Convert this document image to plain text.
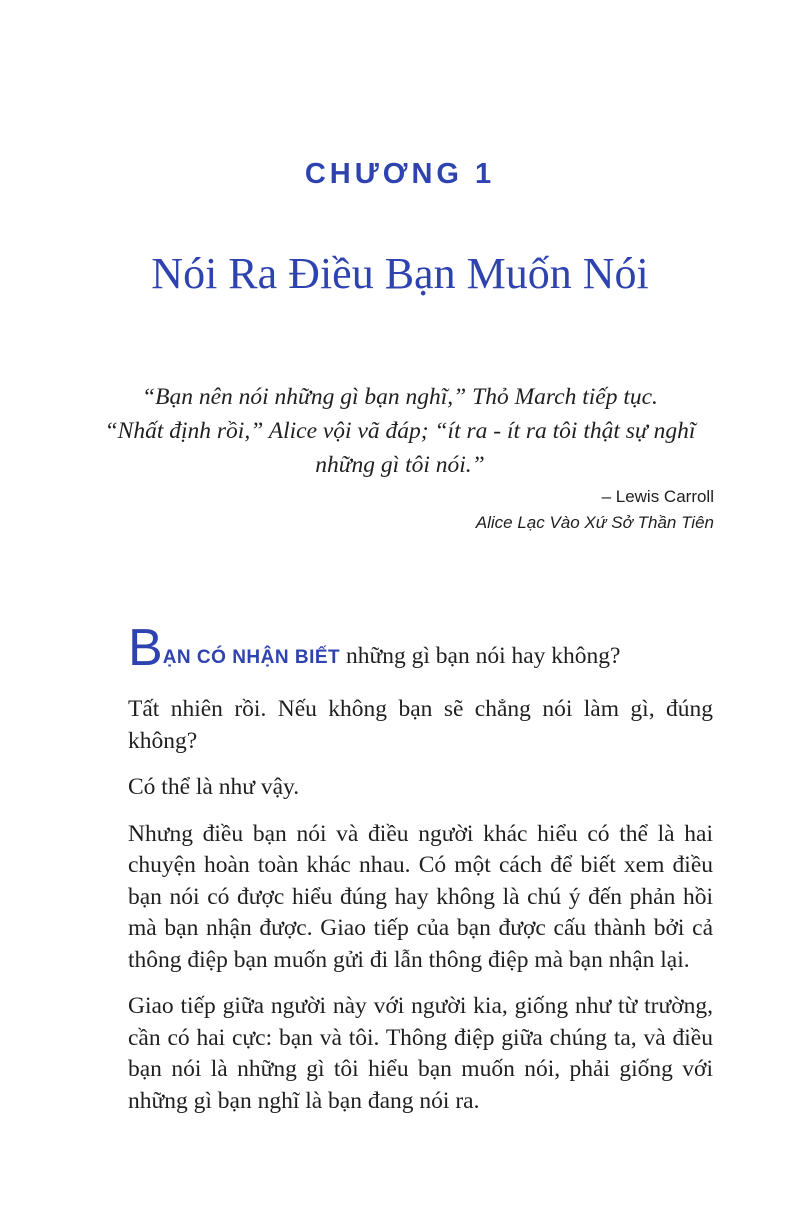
CHƯƠNG 1
Nói Ra Điều Bạn Muốn Nói

“Bạn nên nói những gì bạn nghĩ,” Thỏ March tiếp tục.

“Nhất định rồi,” Alice vội vã đáp; “ít ra - ít ra tôi thật sự nghĩ

những gì tôi nói.”

– Lewis Carroll
Alice Lạc Vào Xứ Sở Thần Tiên

BẠN CÓ NHẬN BIẾT những gì bạn nói hay không?

Tất nhiên rồi. Nếu không bạn sẽ chẳng nói làm gì, đúng không?

Có thể là như vậy.

Nhưng điều bạn nói và điều người khác hiểu có thể là hai chuyện hoàn toàn khác nhau. Có một cách để biết xem điều bạn nói có được hiểu đúng hay không là chú ý đến phản hồi mà bạn nhận được. Giao tiếp của bạn được cấu thành bởi cả thông điệp bạn muốn gửi đi lẫn thông điệp mà bạn nhận lại.

Giao tiếp giữa người này với người kia, giống như từ trường, cần có hai cực: bạn và tôi. Thông điệp giữa chúng ta, và điều bạn nói là những gì tôi hiểu bạn muốn nói, phải giống với những gì bạn nghĩ là bạn đang nói ra.
